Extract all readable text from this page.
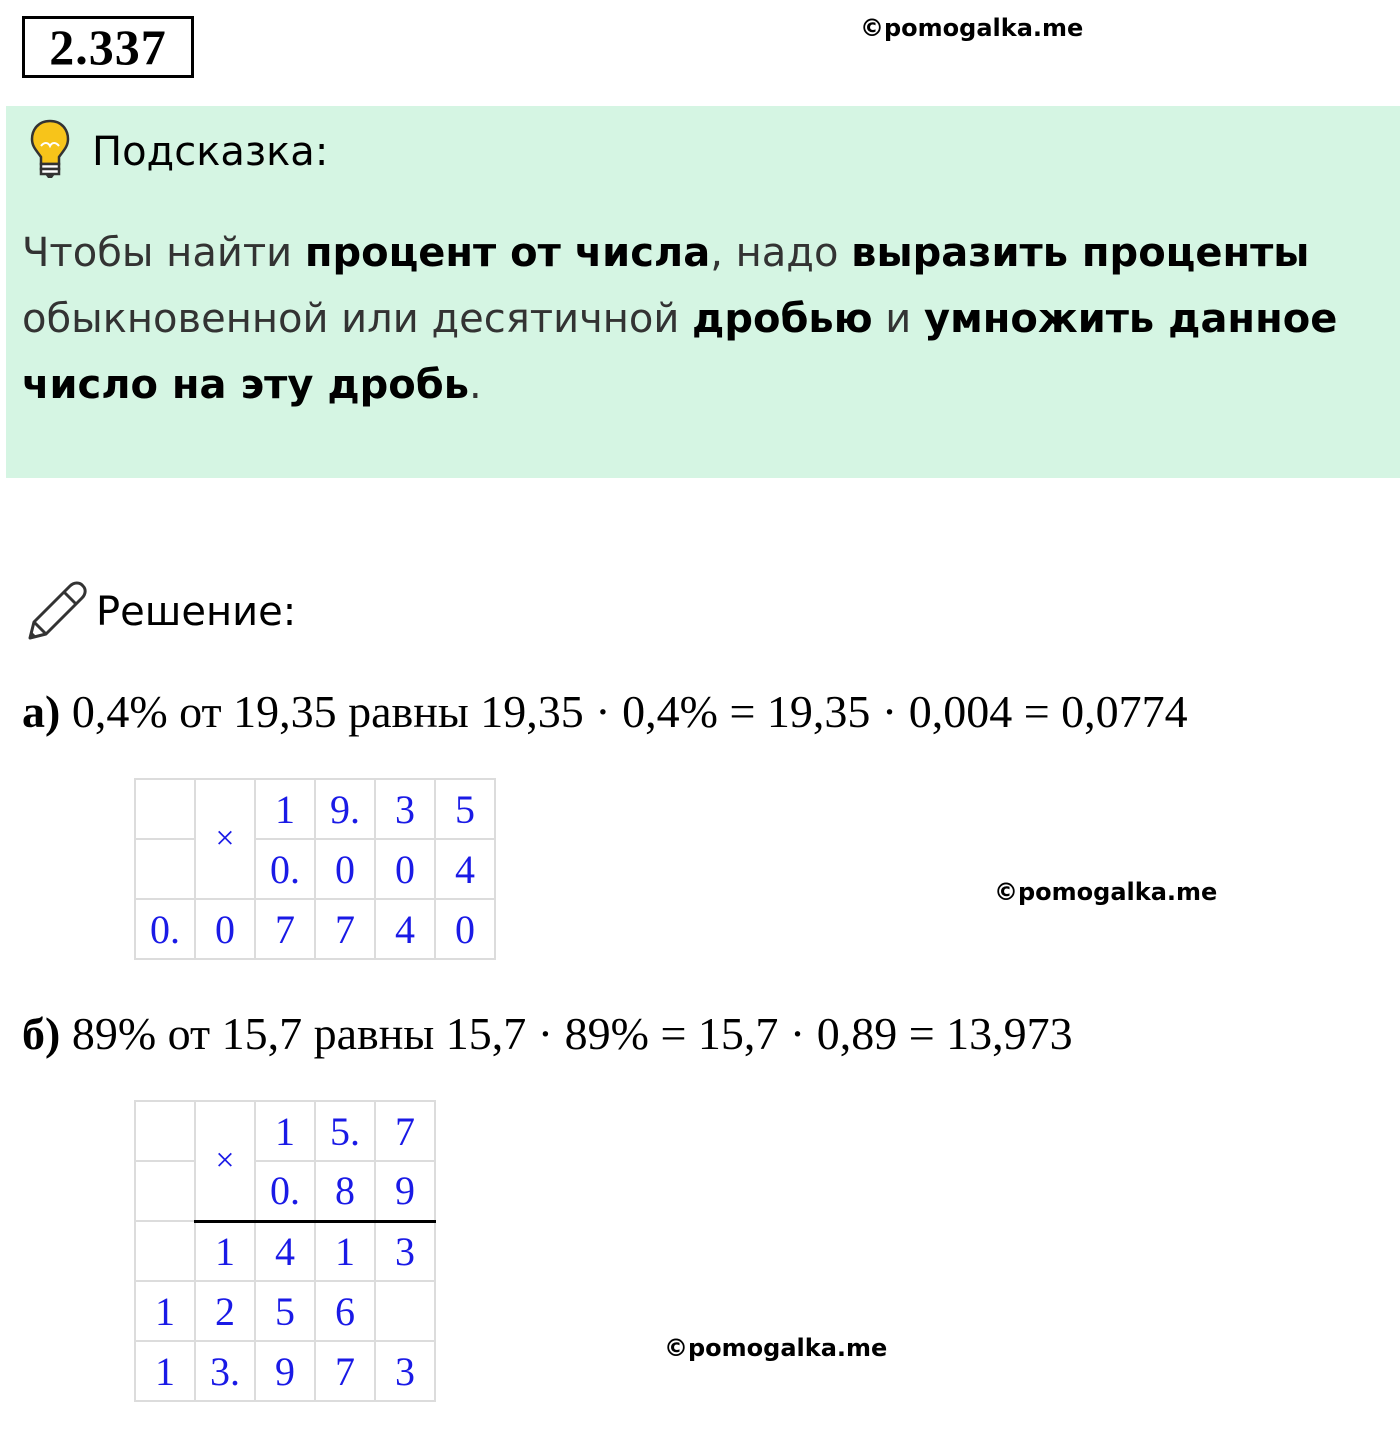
2.337	©pomogalka.me
Подсказка:
Чтобы найти процент от числа, надо выразить проценты обыкновенной или десятичной дробью и умножить данное число на эту дробь.
Решение:
а) 0,4% от 19,35 равны 19,35 · 0,4% = 19,35 · 0,004 = 0,0774
	×	1	9.	3	5
		0.	0	0	4
0.	0	7	7	4	0
©pomogalka.me
б) 89% от 15,7 равны 15,7 · 89% = 15,7 · 0,89 = 13,973
	×	1	5.	7
		0.	8	9
	1	4	1	3
1	2	5	6	
1	3.	9	7	3
©pomogalka.me
